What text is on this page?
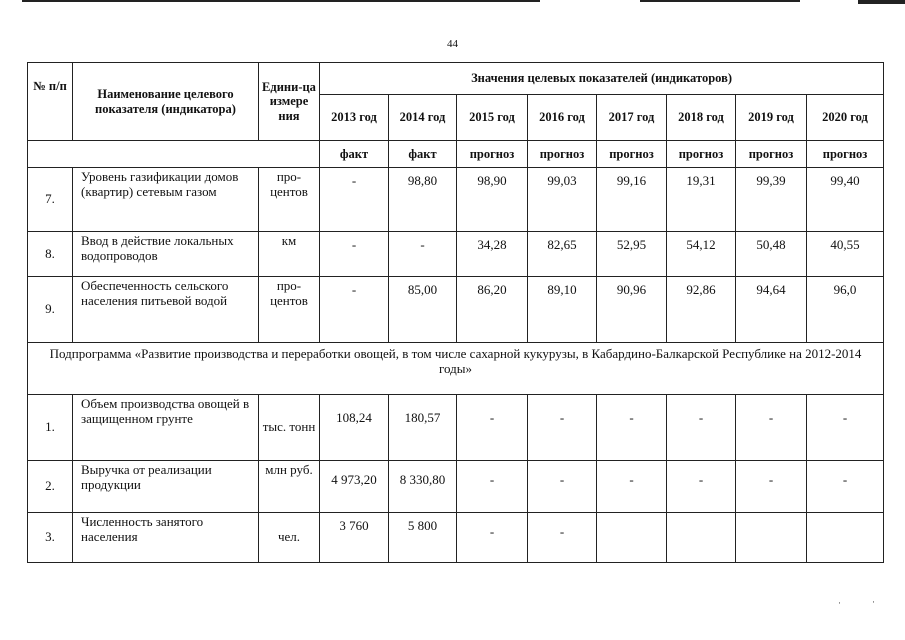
44
№ п/п	Наименование целевого показателя (индикатора)	Едини-ца измере ния	Значения целевых показателей (индикаторов)							
			2013 год	2014 год	2015 год	2016 год	2017 год	2018 год	2019 год	2020 год
			факт	факт	прогноз	прогноз	прогноз	прогноз	прогноз	прогноз
7.	Уровень газификации домов (квартир) сетевым газом	про-центов	-	98,80	98,90	99,03	99,16	19,31	99,39	99,40
8.	Ввод в действие локальных водопроводов	км	-	-	34,28	82,65	52,95	54,12	50,48	40,55
9.	Обеспеченность сельского населения питьевой водой	про-центов	-	85,00	86,20	89,10	90,96	92,86	94,64	96,0
Подпрограмма «Развитие производства и переработки овощей, в том числе сахарной кукурузы, в Кабардино-Балкарской Республике на 2012-2014 годы»										
1.	Объем производства овощей в защищенном грунте	тыс. тонн	108,24	180,57	-	-	-	-	-	-
2.	Выручка от реализации продукции	млн руб.	4 973,20	8 330,80	-	-	-	-	-	-
3.	Численность занятого населения	чел.	3 760	5 800	-	-				
·	·
